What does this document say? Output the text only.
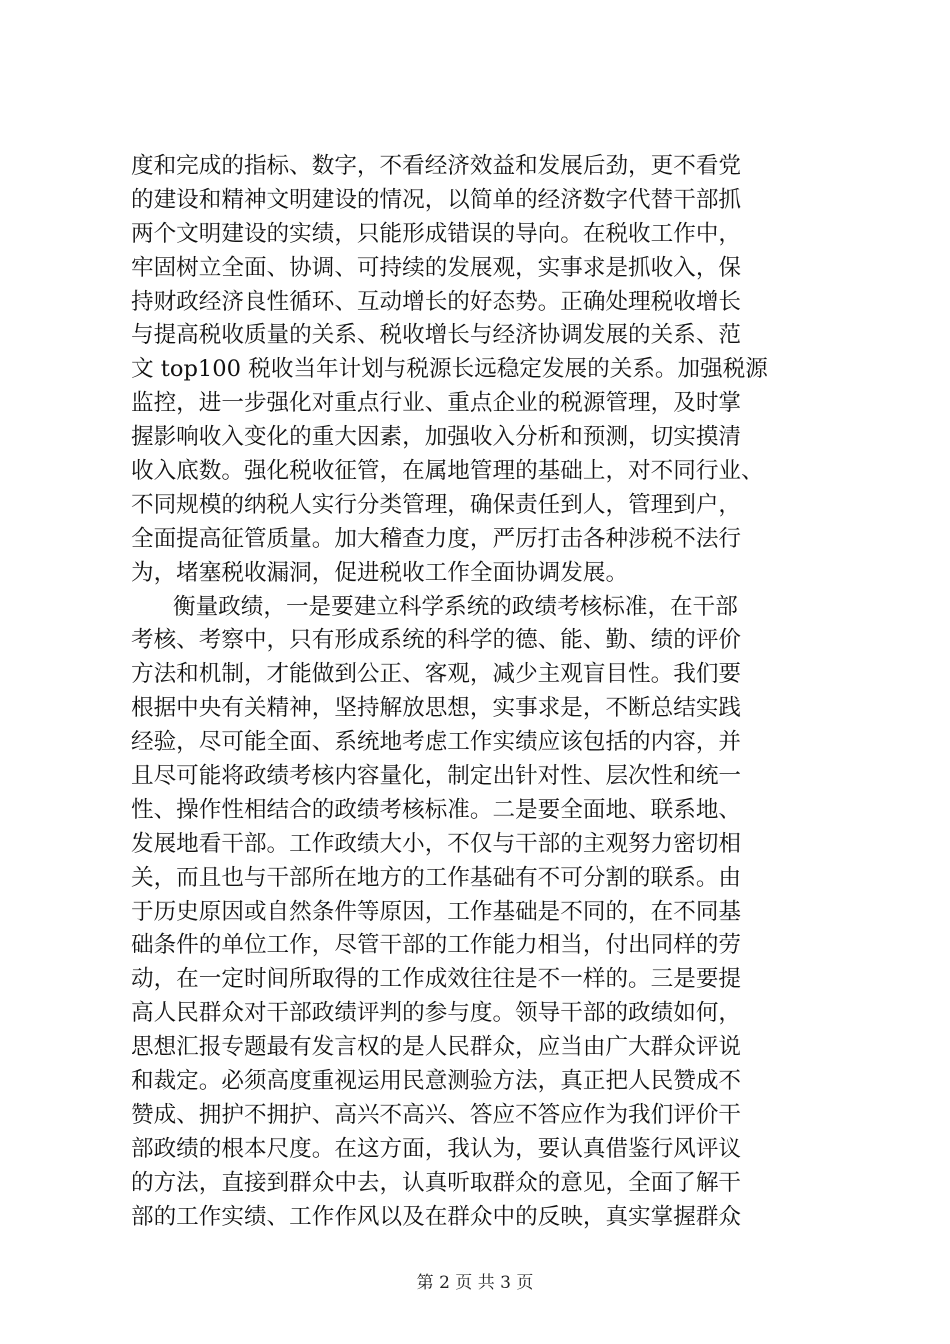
度和完成的指标、数字，不看经济效益和发展后劲，更不看党
的建设和精神文明建设的情况，以简单的经济数字代替干部抓
两个文明建设的实绩，只能形成错误的导向。在税收工作中，
牢固树立全面、协调、可持续的发展观，实事求是抓收入，保
持财政经济良性循环、互动增长的好态势。正确处理税收增长
与提高税收质量的关系、税收增长与经济协调发展的关系、范
文 top100 税收当年计划与税源长远稳定发展的关系。加强税源
监控，进一步强化对重点行业、重点企业的税源管理，及时掌
握影响收入变化的重大因素，加强收入分析和预测，切实摸清
收入底数。强化税收征管，在属地管理的基础上，对不同行业、
不同规模的纳税人实行分类管理，确保责任到人，管理到户，
全面提高征管质量。加大稽查力度，严厉打击各种涉税不法行
为，堵塞税收漏洞，促进税收工作全面协调发展。
衡量政绩，一是要建立科学系统的政绩考核标准，在干部
考核、考察中，只有形成系统的科学的德、能、勤、绩的评价
方法和机制，才能做到公正、客观，减少主观盲目性。我们要
根据中央有关精神，坚持解放思想，实事求是，不断总结实践
经验，尽可能全面、系统地考虑工作实绩应该包括的内容，并
且尽可能将政绩考核内容量化，制定出针对性、层次性和统一
性、操作性相结合的政绩考核标准。二是要全面地、联系地、
发展地看干部。工作政绩大小，不仅与干部的主观努力密切相
关，而且也与干部所在地方的工作基础有不可分割的联系。由
于历史原因或自然条件等原因，工作基础是不同的，在不同基
础条件的单位工作，尽管干部的工作能力相当，付出同样的劳
动，在一定时间所取得的工作成效往往是不一样的。三是要提
高人民群众对干部政绩评判的参与度。领导干部的政绩如何，
思想汇报专题最有发言权的是人民群众，应当由广大群众评说
和裁定。必须高度重视运用民意测验方法，真正把人民赞成不
赞成、拥护不拥护、高兴不高兴、答应不答应作为我们评价干
部政绩的根本尺度。在这方面，我认为，要认真借鉴行风评议
的方法，直接到群众中去，认真听取群众的意见，全面了解干
部的工作实绩、工作作风以及在群众中的反映，真实掌握群众
第 2 页 共 3 页
